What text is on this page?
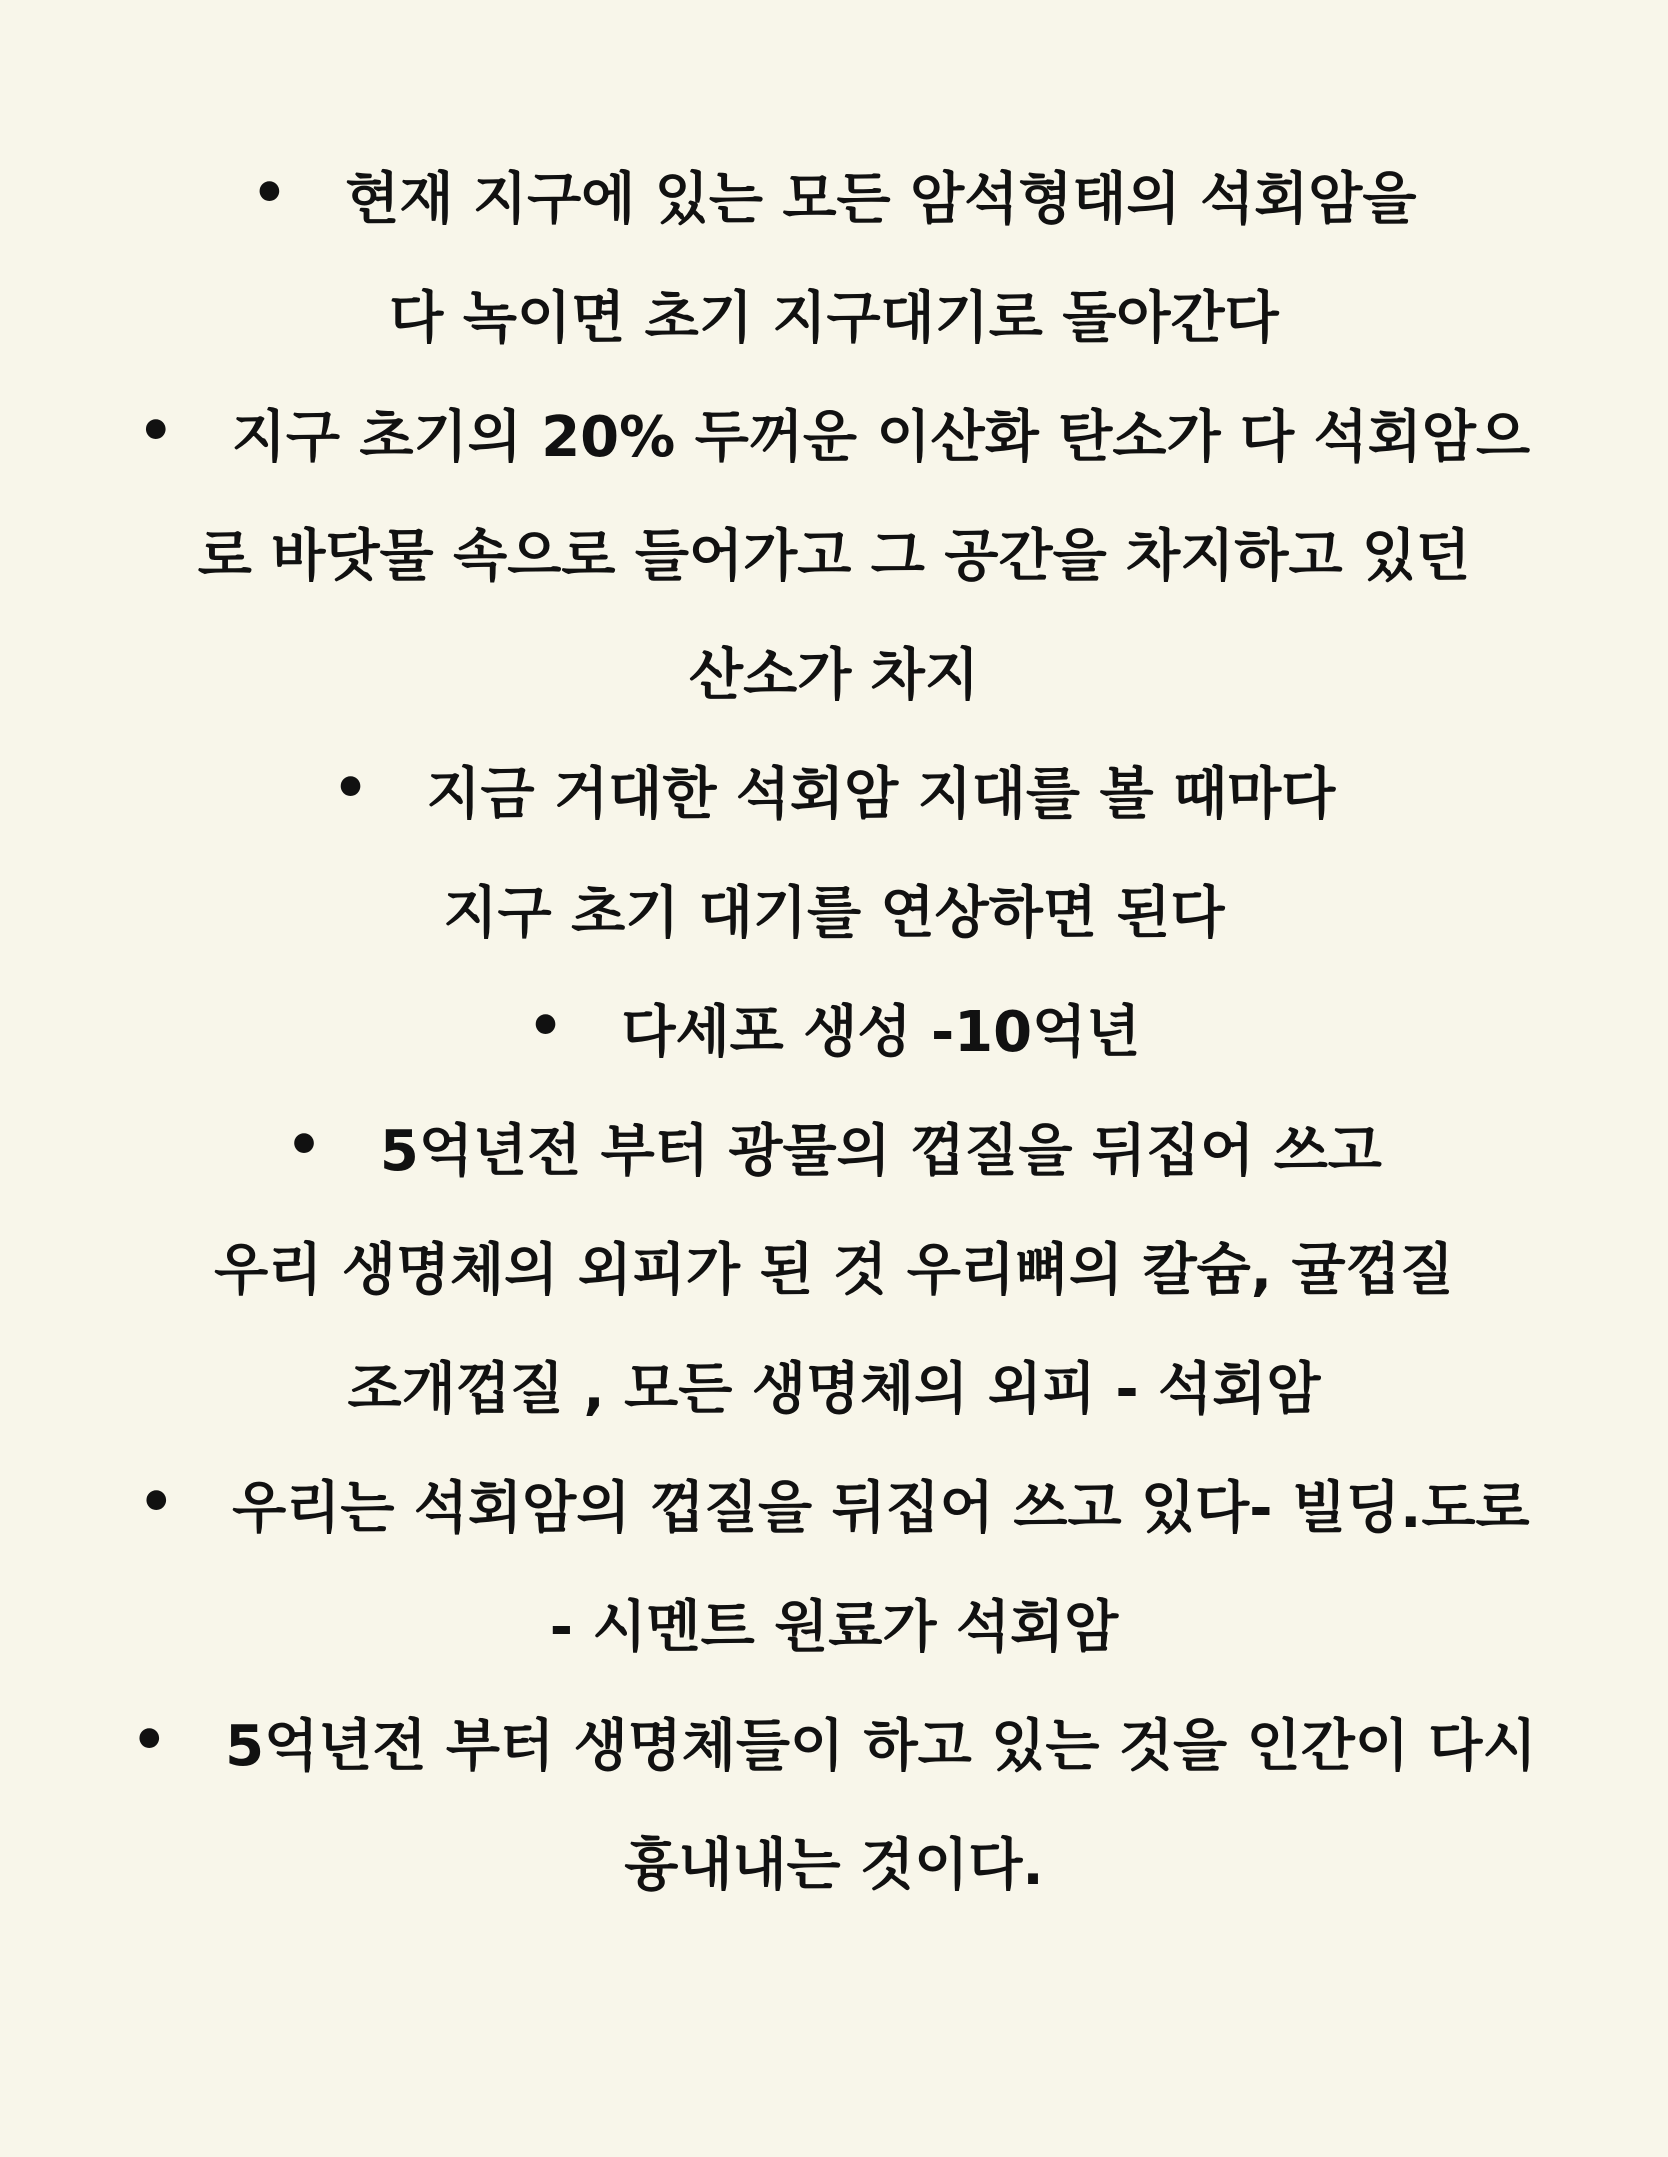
• 현재 지구에 있는 모든 암석형태의 석회암을
다 녹이면 초기 지구대기로 돌아간다
• 지구 초기의 20% 두꺼운 이산화 탄소가 다 석회암으
로 바닷물 속으로 들어가고 그 공간을 차지하고 있던
산소가 차지
• 지금 거대한 석회암 지대를 볼 때마다
지구 초기 대기를 연상하면 된다
• 다세포 생성 -10억년
• 5억년전 부터 광물의 껍질을 뒤집어 쓰고
우리 생명체의 외피가 된 것 우리뼈의 칼슘, 귤껍질
조개껍질 , 모든 생명체의 외피 - 석회암
• 우리는 석회암의 껍질을 뒤집어 쓰고 있다- 빌딩.도로
- 시멘트 원료가 석회암
• 5억년전 부터 생명체들이 하고 있는 것을 인간이 다시
흉내내는 것이다.
